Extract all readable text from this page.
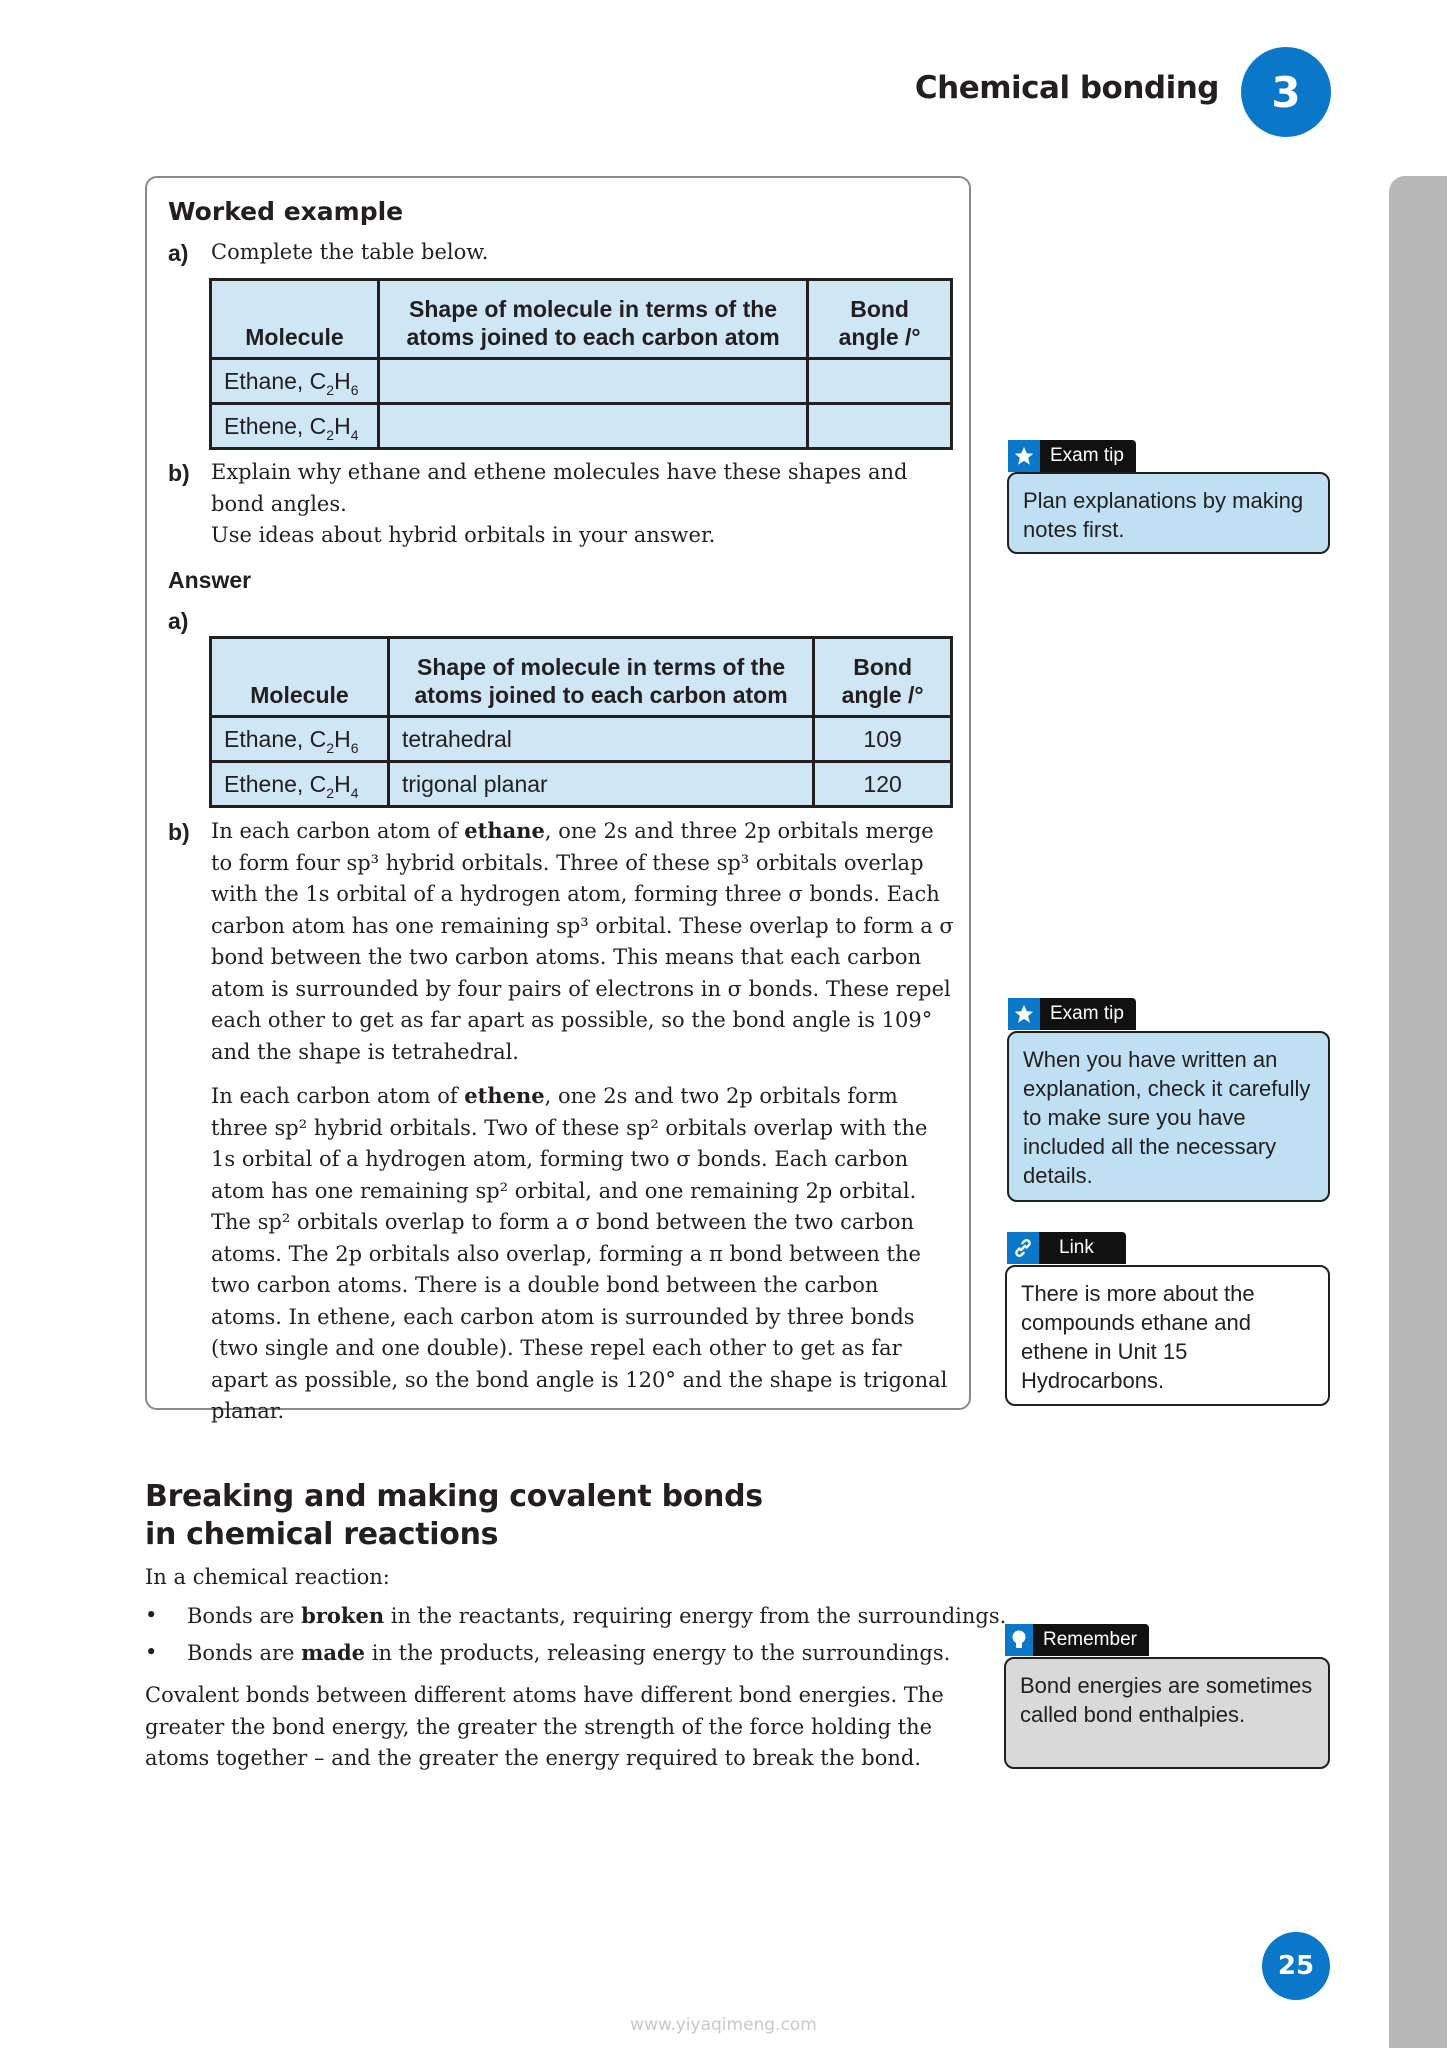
Chemical bonding	3
Worked example
a) Complete the table below.
Molecule	Shape of molecule in terms of the atoms joined to each carbon atom	Bond angle /°
Ethane, $C_2H_6$		
Ethene, $C_2H_4$		
b) Explain why ethane and ethene molecules have these shapes and bond angles.

Use ideas about hybrid orbitals in your answer.

Answer
a)
Molecule	Shape of molecule in terms of the atoms joined to each carbon atom	Bond angle /°
Ethane, $C_2H_6$	tetrahedral	109
Ethene, $C_2H_4$	trigonal planar	120
b) In each carbon atom of ethane, one 2s and three 2p orbitals merge to form four sp³ hybrid orbitals. Three of these sp³ orbitals overlap with the 1s orbital of a hydrogen atom, forming three σ bonds. Each carbon atom has one remaining sp³ orbital. These overlap to form a σ bond between the two carbon atoms. This means that each carbon atom is surrounded by four pairs of electrons in σ bonds. These repel each other to get as far apart as possible, so the bond angle is 109° and the shape is tetrahedral.

In each carbon atom of ethene, one 2s and two 2p orbitals form three sp² hybrid orbitals. Two of these sp² orbitals overlap with the 1s orbital of a hydrogen atom, forming two σ bonds. Each carbon atom has one remaining sp² orbital, and one remaining 2p orbital. The sp² orbitals overlap to form a σ bond between the two carbon atoms. The 2p orbitals also overlap, forming a π bond between the two carbon atoms. There is a double bond between the carbon atoms. In ethene, each carbon atom is surrounded by three bonds (two single and one double). These repel each other to get as far apart as possible, so the bond angle is 120° and the shape is trigonal planar.

Exam tip
Plan explanations by making notes first.
Exam tip
When you have written an explanation, check it carefully to make sure you have included all the necessary details.
Link
There is more about the compounds ethane and ethene in Unit 15 Hydrocarbons.
Remember
Bond energies are sometimes called bond enthalpies.
Breaking and making covalent bonds
in chemical reactions
In a chemical reaction:
• Bonds are broken in the reactants, requiring energy from the surroundings.
• Bonds are made in the products, releasing energy to the surroundings.
Covalent bonds between different atoms have different bond energies. The greater the bond energy, the greater the strength of the force holding the atoms together – and the greater the energy required to break the bond.
25
www.yiyaqimeng.com
